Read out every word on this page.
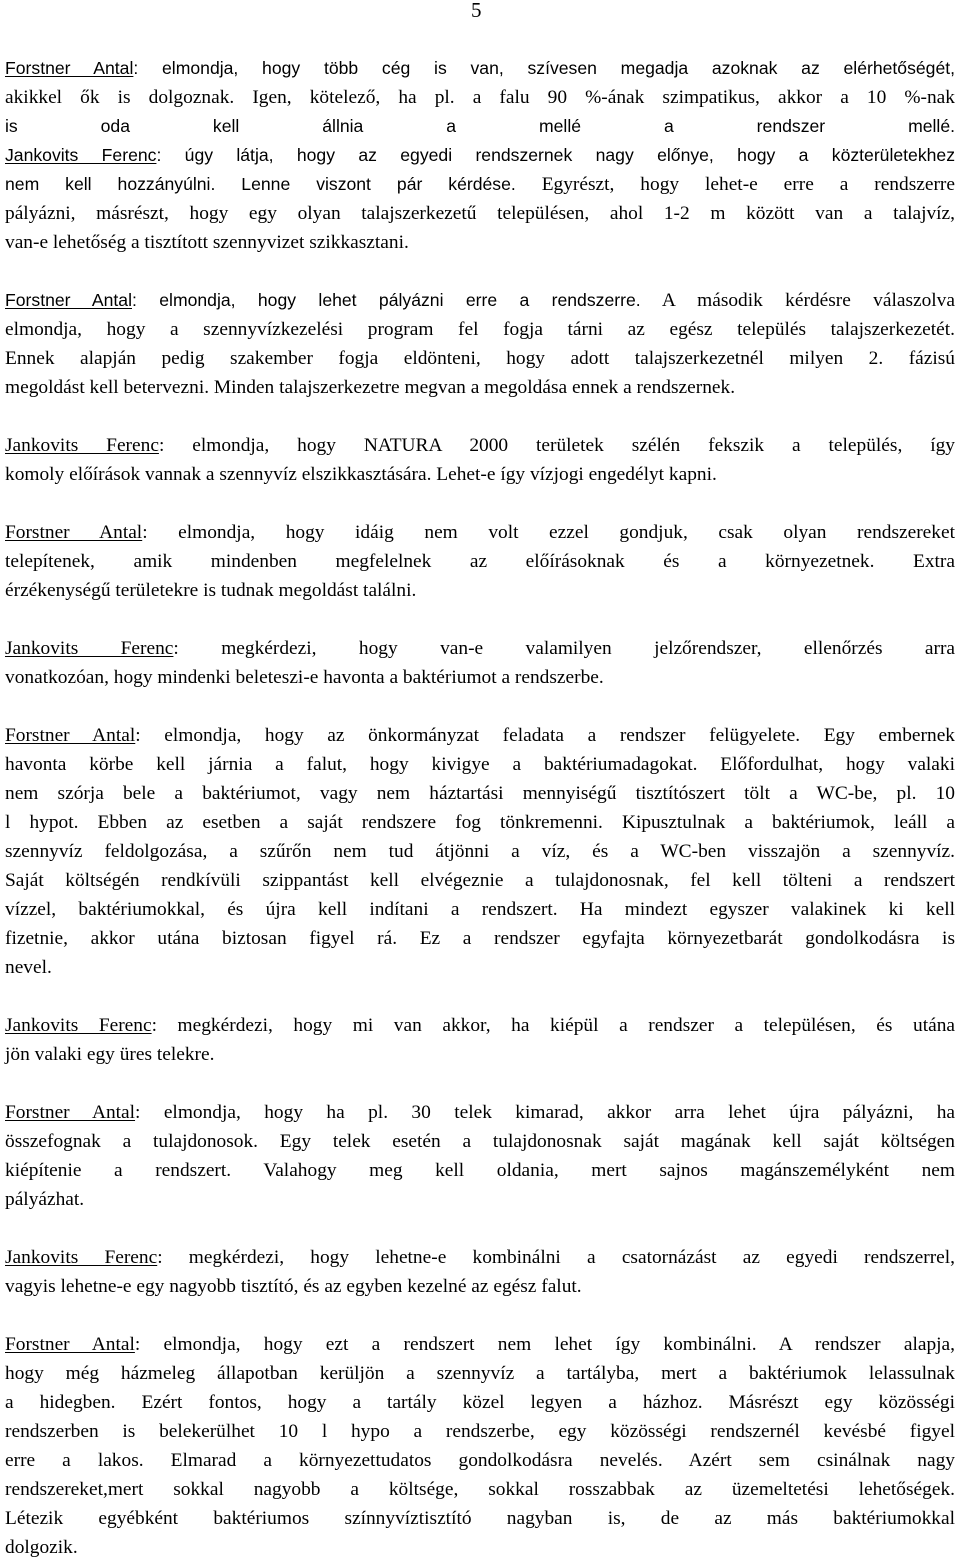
5
Forstner Antal: elmondja, hogy több cég is van, szívesen megadja azoknak az elérhetőségét,
akikkel ők is dolgoznak. Igen, kötelező, ha pl. a falu 90 %-ának szimpatikus, akkor a 10 %-nak
is oda kell állnia a mellé a rendszer mellé.
Jankovits Ferenc: úgy látja, hogy az egyedi rendszernek nagy előnye, hogy a közterületekhez
nem kell hozzányúlni. Lenne viszont pár kérdése. Egyrészt, hogy lehet-e erre a rendszerre
pályázni, másrészt, hogy egy olyan talajszerkezetű településen, ahol 1-2 m között van a talajvíz,
van-e lehetőség a tisztított szennyvizet szikkasztani.
Forstner Antal: elmondja, hogy lehet pályázni erre a rendszerre. A második kérdésre válaszolva
elmondja, hogy a szennyvízkezelési program fel fogja tárni az egész település talajszerkezetét.
Ennek alapján pedig szakember fogja eldönteni, hogy adott talajszerkezetnél milyen 2. fázisú
megoldást kell betervezni. Minden talajszerkezetre megvan a megoldása ennek a rendszernek.
Jankovits Ferenc: elmondja, hogy NATURA 2000 területek szélén fekszik a település, így
komoly előírások vannak a szennyvíz elszikkasztására. Lehet-e így vízjogi engedélyt kapni.
Forstner Antal: elmondja, hogy idáig nem volt ezzel gondjuk, csak olyan rendszereket
telepítenek, amik mindenben megfelelnek az előírásoknak és a környezetnek. Extra
érzékenységű területekre is tudnak megoldást találni.
Jankovits Ferenc: megkérdezi, hogy van-e valamilyen jelzőrendszer, ellenőrzés arra
vonatkozóan, hogy mindenki beleteszi-e havonta a baktériumot a rendszerbe.
Forstner Antal: elmondja, hogy az önkormányzat feladata a rendszer felügyelete. Egy embernek
havonta körbe kell járnia a falut, hogy kivigye a baktériumadagokat. Előfordulhat, hogy valaki
nem szórja bele a baktériumot, vagy nem háztartási mennyiségű tisztítószert tölt a WC-be, pl. 10
l hypot. Ebben az esetben a saját rendszere fog tönkremenni. Kipusztulnak a baktériumok, leáll a
szennyvíz feldolgozása, a szűrőn nem tud átjönni a víz, és a WC-ben visszajön a szennyvíz.
Saját költségén rendkívüli szippantást kell elvégeznie a tulajdonosnak, fel kell tölteni a rendszert
vízzel, baktériumokkal, és újra kell indítani a rendszert. Ha mindezt egyszer valakinek ki kell
fizetnie, akkor utána biztosan figyel rá. Ez a rendszer egyfajta környezetbarát gondolkodásra is
nevel.
Jankovits Ferenc: megkérdezi, hogy mi van akkor, ha kiépül a rendszer a településen, és utána
jön valaki egy üres telekre.
Forstner Antal: elmondja, hogy ha pl. 30 telek kimarad, akkor arra lehet újra pályázni, ha
összefognak a tulajdonosok. Egy telek esetén a tulajdonosnak saját magának kell saját költségen
kiépítenie a rendszert. Valahogy meg kell oldania, mert sajnos magánszemélyként nem
pályázhat.
Jankovits Ferenc: megkérdezi, hogy lehetne-e kombinálni a csatornázást az egyedi rendszerrel,
vagyis lehetne-e egy nagyobb tisztító, és az egyben kezelné az egész falut.
Forstner Antal: elmondja, hogy ezt a rendszert nem lehet így kombinálni. A rendszer alapja,
hogy még házmeleg állapotban kerüljön a szennyvíz a tartályba, mert a baktériumok lelassulnak
a hidegben. Ezért fontos, hogy a tartály közel legyen a házhoz. Másrészt egy közösségi
rendszerben is belekerülhet 10 l hypo a rendszerbe, egy közösségi rendszernél kevésbé figyel
erre a lakos. Elmarad a környezettudatos gondolkodásra nevelés. Azért sem csinálnak nagy
rendszereket,mert sokkal nagyobb a költsége, sokkal rosszabbak az üzemeltetési lehetőségek.
Létezik egyébként baktériumos színnyvíztisztító nagyban is, de az más baktériumokkal
dolgozik.
